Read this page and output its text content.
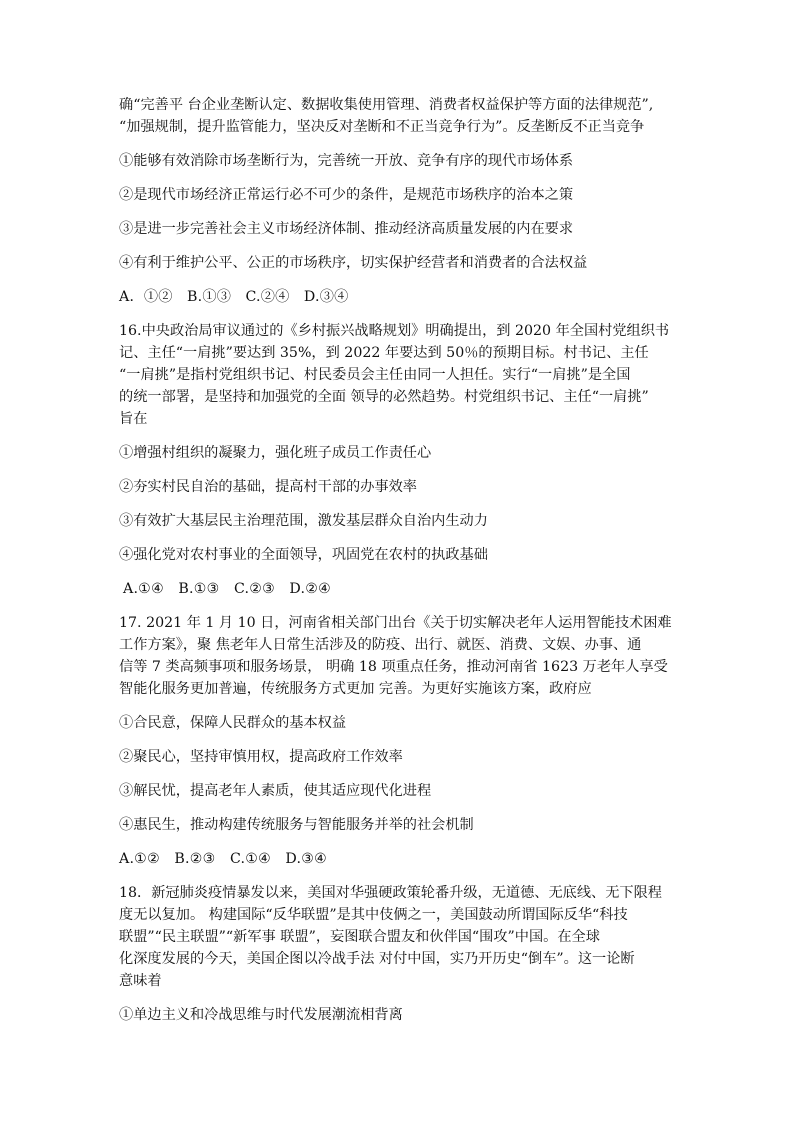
确“完善平 台企业垄断认定、数据收集使用管理、消费者权益保护等方面的法律规范”,

“加强规制，提升监管能力，坚决反对垄断和不正当竞争行为”。反垄断反不正当竞争

①能够有效消除市场垄断行为，完善统一开放、竞争有序的现代市场体系

②是现代市场经济正常运行必不可少的条件，是规范市场秩序的治本之策

③是进一步完善社会主义市场经济体制、推动经济高质量发展的内在要求

④有利于维护公平、公正的市场秩序，切实保护经营者和消费者的合法权益

A．①②　B.①③　C.②④　D.③④

16.中央政治局审议通过的《乡村振兴战略规划》明确提出，到 2020 年全国村党组织书

记、主任“一肩挑”要达到 35%，到 2022 年要达到 50％的预期目标。村书记、主任

“一肩挑”是指村党组织书记、村民委员会主任由同一人担任。实行“一肩挑”是全国

的统一部署，是坚持和加强党的全面 领导的必然趋势。村党组织书记、主任“一肩挑”

旨在

①增强村组织的凝聚力，强化班子成员工作责任心

②夯实村民自治的基础，提高村干部的办事效率

③有效扩大基层民主治理范围，激发基层群众自治内生动力

④强化党对农村事业的全面领导，巩固党在农村的执政基础

A.①④　B.①③　C.②③　D.②④

17. 2021 年 1 月 10 日，河南省相关部门出台《关于切实解决老年人运用智能技术困难

工作方案》，聚 焦老年人日常生活涉及的防疫、出行、就医、消费、文娱、办事、通

信等 7 类高频事项和服务场景， 明确 18 项重点任务，推动河南省 1623 万老年人享受

智能化服务更加普遍，传统服务方式更加 完善。为更好实施该方案，政府应

①合民意，保障人民群众的基本权益

②聚民心，坚持审慎用权，提高政府工作效率

③解民忧，提高老年人素质，使其适应现代化进程

④惠民生，推动构建传统服务与智能服务并举的社会机制

A.①②　B.②③　C.①④　D.③④

18．新冠肺炎疫情暴发以来，美国对华强硬政策轮番升级，无道德、无底线、无下限程

度无以复加。 构建国际“反华联盟”是其中伎俩之一，美国鼓动所谓国际反华“科技

联盟”“民主联盟”“新军事 联盟”，妄图联合盟友和伙伴国“围攻”中国。在全球

化深度发展的今天，美国企图以冷战手法 对付中国，实乃开历史“倒车”。这一论断

意味着

①单边主义和冷战思维与时代发展潮流相背离
